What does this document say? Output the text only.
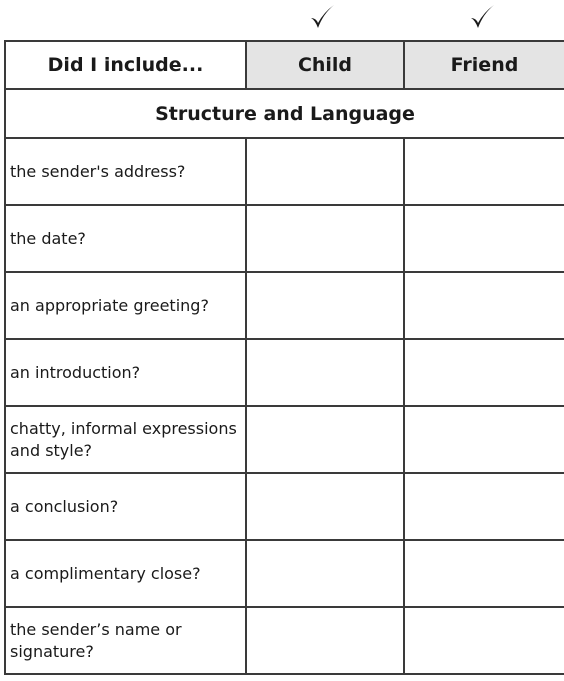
Did I include...	Child	Friend
Structure and Language		
the sender's address?		
the date?		
an appropriate greeting?		
an introduction?		
chatty, informal expressions and style?		
a conclusion?		
a complimentary close?		
the sender’s name or signature?		
